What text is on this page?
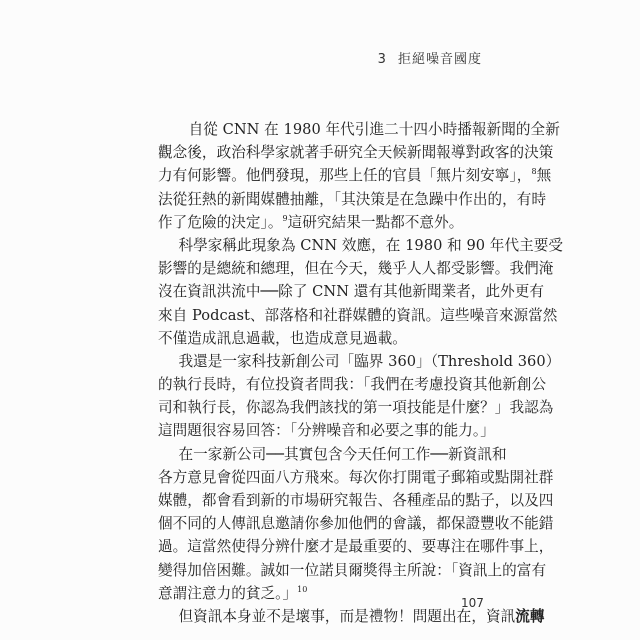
3 拒絕噪音國度
自從 CNN 在 1980 年代引進二十四小時播報新聞的全新
觀念後，政治科學家就著手研究全天候新聞報導對政客的決策
力有何影響。他們發現，那些上任的官員「無片刻安寧」，$^8$無
法從狂熱的新聞媒體抽離，「其決策是在急躁中作出的，有時
作了危險的決定」。$^9$這研究結果一點都不意外。
科學家稱此現象為 CNN 效應，在 1980 和 90 年代主要受
影響的是總統和總理，但在今天，幾乎人人都受影響。我們淹
沒在資訊洪流中──除了 CNN 還有其他新聞業者，此外更有
來自 Podcast、部落格和社群媒體的資訊。這些噪音來源當然
不僅造成訊息過載，也造成意見過載。
我還是一家科技新創公司「臨界 360」（Threshold 360）
的執行長時，有位投資者問我：「我們在考慮投資其他新創公
司和執行長，你認為我們該找的第一項技能是什麼？」我認為
這問題很容易回答：「分辨噪音和必要之事的能力。」
在一家新公司──其實包含今天任何工作──新資訊和
各方意見會從四面八方飛來。每次你打開電子郵箱或點開社群
媒體，都會看到新的市場研究報告、各種產品的點子，以及四
個不同的人傳訊息邀請你參加他們的會議，都保證豐收不能錯
過。這當然使得分辨什麼才是最重要的、要專注在哪件事上，
變得加倍困難。誠如一位諾貝爾獎得主所說：「資訊上的富有
意謂注意力的貧乏。」$^{10}$
但資訊本身並不是壞事，而是禮物！問題出在，資訊流轉
107
